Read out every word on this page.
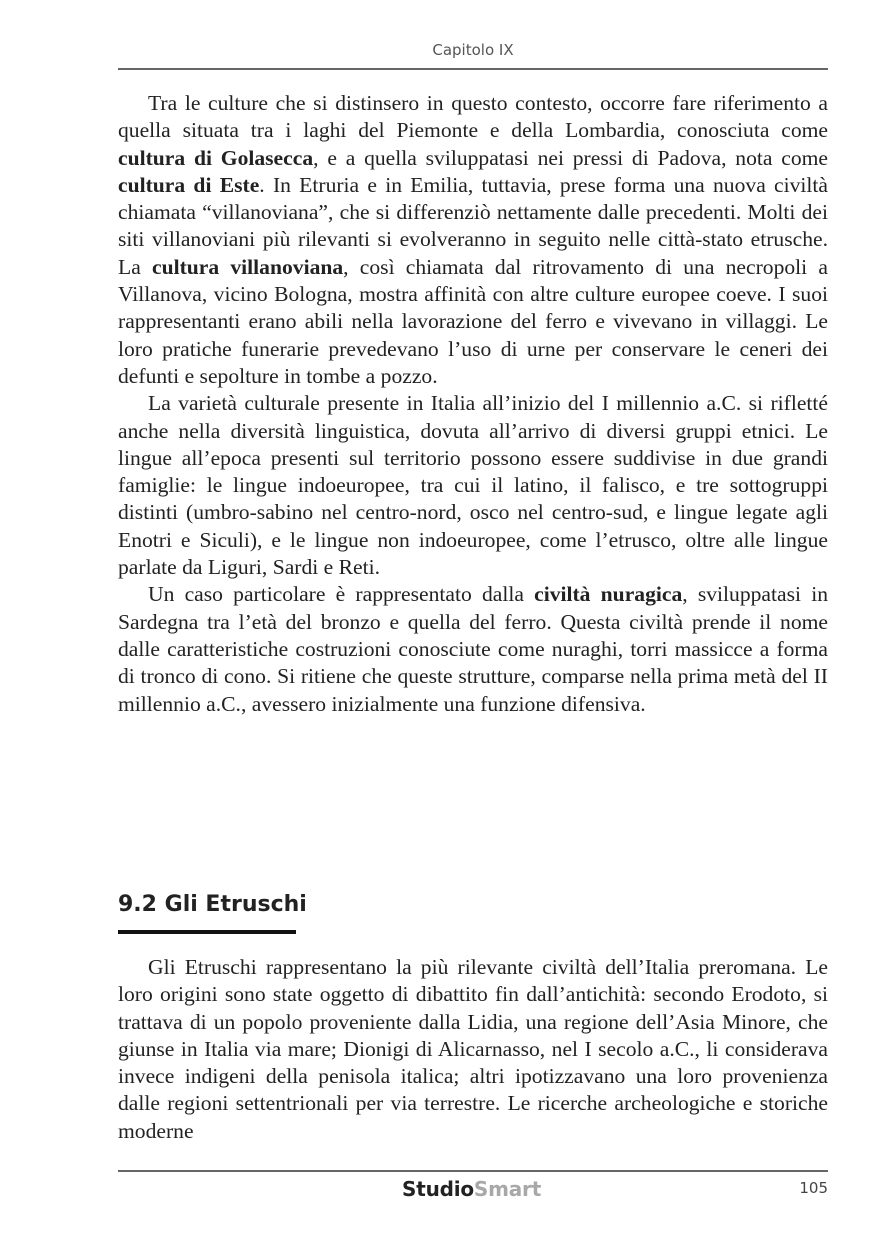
Capitolo IX

Tra le culture che si distinsero in questo contesto, occorre fare riferimento a quella situata tra i laghi del Piemonte e della Lombardia, conosciuta come cultura di Golasecca, e a quella sviluppatasi nei pressi di Padova, nota come cultura di Este. In Etruria e in Emilia, tuttavia, prese forma una nuova civiltà chiamata “villanoviana”, che si differenziò nettamente dalle precedenti. Molti dei siti villanoviani più rilevanti si evolveranno in seguito nelle città-stato etrusche. La cultura villanoviana, così chiamata dal ritrovamento di una necropoli a Villanova, vicino Bologna, mostra affinità con altre culture europee coeve. I suoi rappresentanti erano abili nella lavorazione del ferro e vivevano in villaggi. Le loro pratiche funerarie prevedevano l’uso di urne per conservare le ceneri dei defunti e sepolture in tombe a pozzo.

La varietà culturale presente in Italia all’inizio del I millennio a.C. si rifletté anche nella diversità linguistica, dovuta all’arrivo di diversi gruppi etnici. Le lingue all’epoca presenti sul territorio possono essere suddivise in due grandi famiglie: le lingue indoeuropee, tra cui il latino, il falisco, e tre sottogruppi distinti (umbro-sabino nel centro-nord, osco nel centro-sud, e lingue legate agli Enotri e Siculi), e le lingue non indoeuropee, come l’etrusco, oltre alle lingue parlate da Liguri, Sardi e Reti.

Un caso particolare è rappresentato dalla civiltà nuragica, sviluppatasi in Sardegna tra l’età del bronzo e quella del ferro. Questa civiltà prende il nome dalle caratteristiche costruzioni conosciute come nuraghi, torri massicce a forma di tronco di cono. Si ritiene che queste strutture, comparse nella prima metà del II millennio a.C., avessero inizialmente una funzione difensiva.

9.2 Gli Etruschi

Gli Etruschi rappresentano la più rilevante civiltà dell’Italia preromana. Le loro origini sono state oggetto di dibattito fin dall’antichità: secondo Erodoto, si trattava di un popolo proveniente dalla Lidia, una regione dell’Asia Minore, che giunse in Italia via mare; Dionigi di Alicarnasso, nel I secolo a.C., li considerava invece indigeni della penisola italica; altri ipotizzavano una loro provenienza dalle regioni settentrionali per via terrestre. Le ricerche archeologiche e storiche moderne

StudioSmart	105
